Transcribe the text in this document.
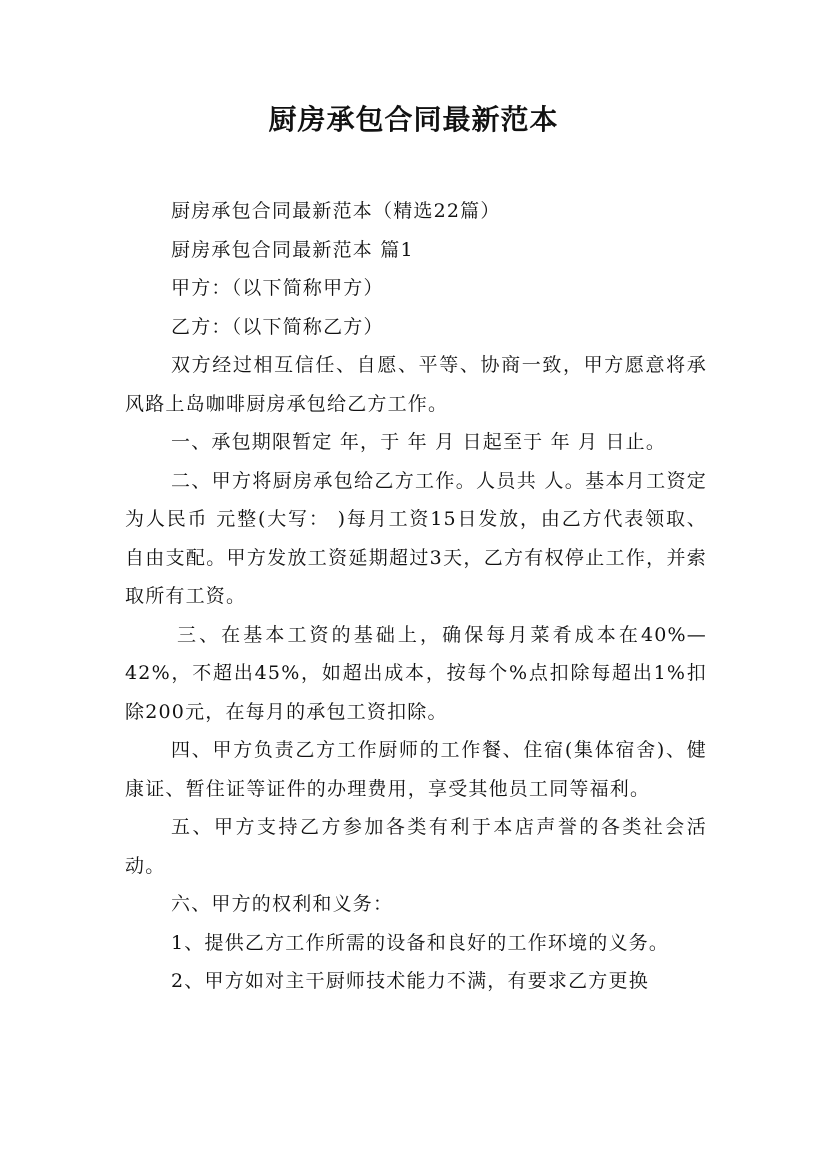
厨房承包合同最新范本

厨房承包合同最新范本（精选22篇）

厨房承包合同最新范本 篇1

甲方：（以下简称甲方）

乙方：（以下简称乙方）

双方经过相互信任、自愿、平等、协商一致，甲方愿意将承风路上岛咖啡厨房承包给乙方工作。

一、承包期限暂定 年，于 年 月 日起至于 年 月 日止。

二、甲方将厨房承包给乙方工作。人员共 人。基本月工资定为人民币 元整(大写： )每月工资15日发放，由乙方代表领取、自由支配。甲方发放工资延期超过3天，乙方有权停止工作，并索取所有工资。

三、在基本工资的基础上，确保每月菜肴成本在40%—42%，不超出45%，如超出成本，按每个%点扣除每超出1%扣除200元，在每月的承包工资扣除。

四、甲方负责乙方工作厨师的工作餐、住宿(集体宿舍)、健康证、暂住证等证件的办理费用，享受其他员工同等福利。

五、甲方支持乙方参加各类有利于本店声誉的各类社会活动。

六、甲方的权利和义务：

1、提供乙方工作所需的设备和良好的工作环境的义务。

2、甲方如对主干厨师技术能力不满，有要求乙方更换
